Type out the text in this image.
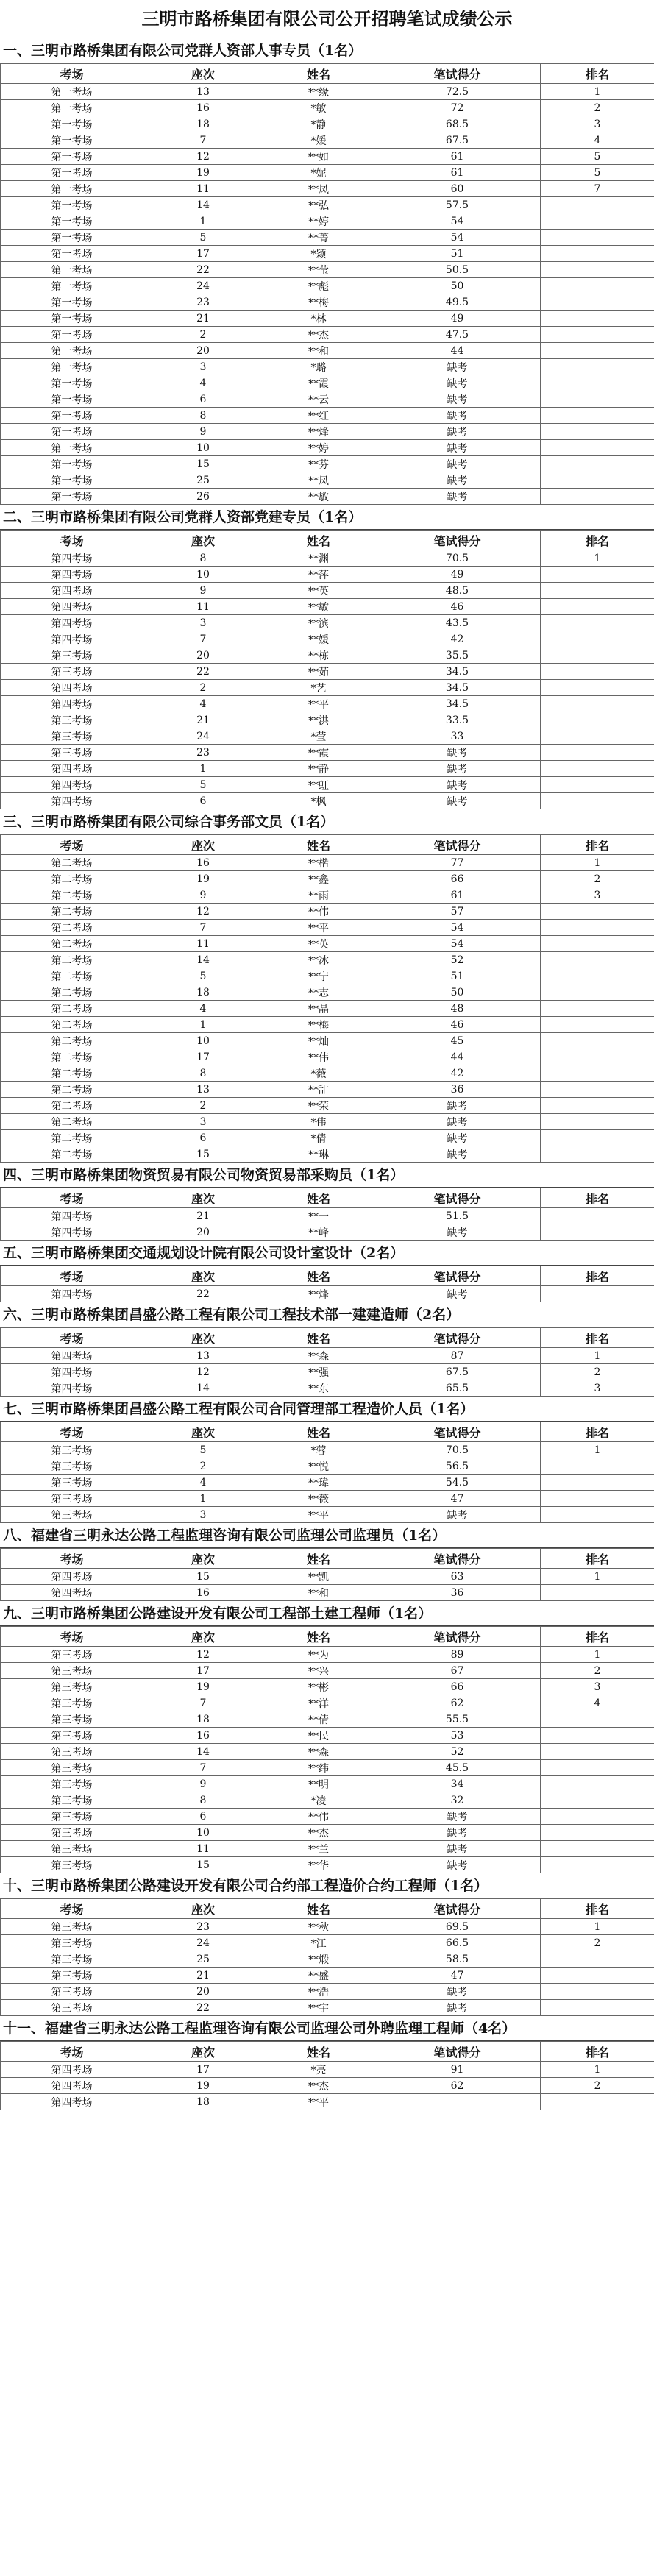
三明市路桥集团有限公司公开招聘笔试成绩公示
一、三明市路桥集团有限公司党群人资部人事专员（1名）
考场	座次	姓名	笔试得分	排名
第一考场	13	**缘	72.5	1
第一考场	16	*敏	72	2
第一考场	18	*静	68.5	3
第一考场	7	*媛	67.5	4
第一考场	12	**如	61	5
第一考场	19	*妮	61	5
第一考场	11	**凤	60	7
第一考场	14	**弘	57.5	
第一考场	1	**婷	54	
第一考场	5	**菁	54	
第一考场	17	*颖	51	
第一考场	22	**莹	50.5	
第一考场	24	**彪	50	
第一考场	23	**梅	49.5	
第一考场	21	*林	49	
第一考场	2	**杰	47.5	
第一考场	20	**和	44	
第一考场	3	*璐	缺考	
第一考场	4	**霞	缺考	
第一考场	6	**云	缺考	
第一考场	8	**红	缺考	
第一考场	9	**烽	缺考	
第一考场	10	**婷	缺考	
第一考场	15	**芬	缺考	
第一考场	25	**凤	缺考	
第一考场	26	**敏	缺考	
二、三明市路桥集团有限公司党群人资部党建专员（1名）
考场	座次	姓名	笔试得分	排名
第四考场	8	**渊	70.5	1
第四考场	10	**萍	49	
第四考场	9	**英	48.5	
第四考场	11	**敏	46	
第四考场	3	**滨	43.5	
第四考场	7	**媛	42	
第三考场	20	**栋	35.5	
第三考场	22	**茹	34.5	
第四考场	2	*艺	34.5	
第四考场	4	**平	34.5	
第三考场	21	**洪	33.5	
第三考场	24	*莹	33	
第三考场	23	**霞	缺考	
第四考场	1	**静	缺考	
第四考场	5	**虹	缺考	
第四考场	6	*枫	缺考	
三、三明市路桥集团有限公司综合事务部文员（1名）
考场	座次	姓名	笔试得分	排名
第二考场	16	**楷	77	1
第二考场	19	**鑫	66	2
第二考场	9	**雨	61	3
第二考场	12	**伟	57	
第二考场	7	**平	54	
第二考场	11	**英	54	
第二考场	14	**冰	52	
第二考场	5	**宁	51	
第二考场	18	**志	50	
第二考场	4	**晶	48	
第二考场	1	**梅	46	
第二考场	10	**灿	45	
第二考场	17	**伟	44	
第二考场	8	*薇	42	
第二考场	13	**甜	36	
第二考场	2	**荣	缺考	
第二考场	3	*伟	缺考	
第二考场	6	*倩	缺考	
第二考场	15	**琳	缺考	
四、三明市路桥集团物资贸易有限公司物资贸易部采购员（1名）
考场	座次	姓名	笔试得分	排名
第四考场	21	**一	51.5	
第四考场	20	**峰	缺考	
五、三明市路桥集团交通规划设计院有限公司设计室设计（2名）
考场	座次	姓名	笔试得分	排名
第四考场	22	**烽	缺考	
六、三明市路桥集团昌盛公路工程有限公司工程技术部一建建造师（2名）
考场	座次	姓名	笔试得分	排名
第四考场	13	**森	87	1
第四考场	12	**强	67.5	2
第四考场	14	**东	65.5	3
七、三明市路桥集团昌盛公路工程有限公司合同管理部工程造价人员（1名）
考场	座次	姓名	笔试得分	排名
第三考场	5	*蓉	70.5	1
第三考场	2	**悦	56.5	
第三考场	4	**瑋	54.5	
第三考场	1	**薇	47	
第三考场	3	**平	缺考	
八、福建省三明永达公路工程监理咨询有限公司监理公司监理员（1名）
考场	座次	姓名	笔试得分	排名
第四考场	15	**凯	63	1
第四考场	16	**和	36	
九、三明市路桥集团公路建设开发有限公司工程部土建工程师（1名）
考场	座次	姓名	笔试得分	排名
第三考场	12	**为	89	1
第三考场	17	**兴	67	2
第三考场	19	**彬	66	3
第三考场	7	**洋	62	4
第三考场	18	**倩	55.5	
第三考场	16	**民	53	
第三考场	14	**森	52	
第三考场	7	**纬	45.5	
第三考场	9	**明	34	
第三考场	8	*凌	32	
第三考场	6	**伟	缺考	
第三考场	10	**杰	缺考	
第三考场	11	**兰	缺考	
第三考场	15	**华	缺考	
十、三明市路桥集团公路建设开发有限公司合约部工程造价合约工程师（1名）
考场	座次	姓名	笔试得分	排名
第三考场	23	**秋	69.5	1
第三考场	24	*江	66.5	2
第三考场	25	**煅	58.5	
第三考场	21	**盛	47	
第三考场	20	**浩	缺考	
第三考场	22	**宇	缺考	
十一、福建省三明永达公路工程监理咨询有限公司监理公司外聘监理工程师（4名）
考场	座次	姓名	笔试得分	排名
第四考场	17	*亮	91	1
第四考场	19	**杰	62	2
第四考场	18	**平		
